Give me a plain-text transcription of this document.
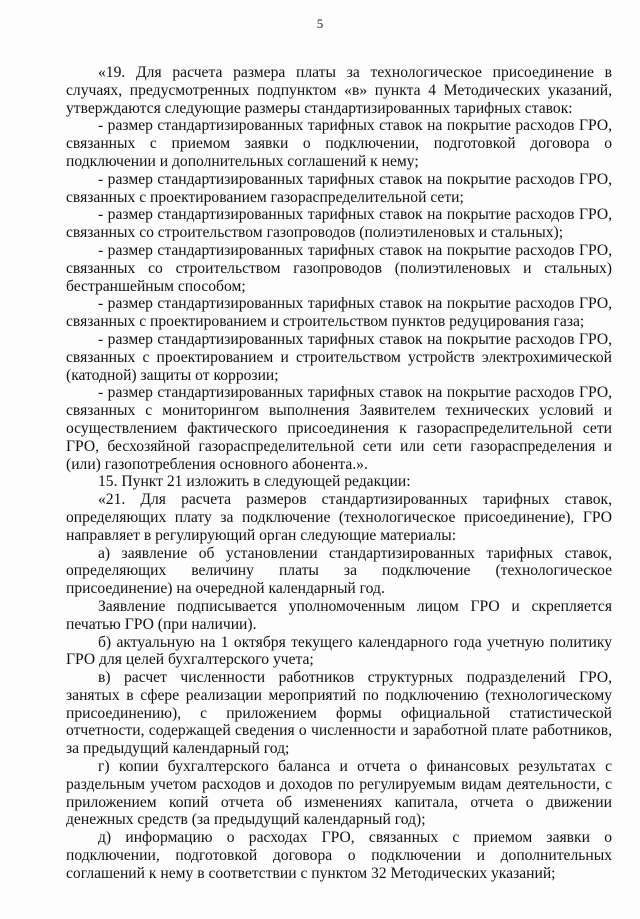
5

«19. Для расчета размера платы за технологическое присоединение в случаях, предусмотренных подпунктом «в» пункта 4 Методических указаний, утверждаются следующие размеры стандартизированных тарифных ставок:

- размер стандартизированных тарифных ставок на покрытие расходов ГРО, связанных с приемом заявки о подключении, подготовкой договора о подключении и дополнительных соглашений к нему;

- размер стандартизированных тарифных ставок на покрытие расходов ГРО, связанных с проектированием газораспределительной сети;

- размер стандартизированных тарифных ставок на покрытие расходов ГРО, связанных со строительством газопроводов (полиэтиленовых и стальных);

- размер стандартизированных тарифных ставок на покрытие расходов ГРО, связанных со строительством газопроводов (полиэтиленовых и стальных) бестраншейным способом;

- размер стандартизированных тарифных ставок на покрытие расходов ГРО, связанных с проектированием и строительством пунктов редуцирования газа;

- размер стандартизированных тарифных ставок на покрытие расходов ГРО, связанных с проектированием и строительством устройств электрохимической (катодной) защиты от коррозии;

- размер стандартизированных тарифных ставок на покрытие расходов ГРО, связанных с мониторингом выполнения Заявителем технических условий и осуществлением фактического присоединения к газораспределительной сети ГРО, бесхозяйной газораспределительной сети или сети газораспределения и (или) газопотребления основного абонента.».

15. Пункт 21 изложить в следующей редакции:

«21. Для расчета размеров стандартизированных тарифных ставок, определяющих плату за подключение (технологическое присоединение), ГРО направляет в регулирующий орган следующие материалы:

а) заявление об установлении стандартизированных тарифных ставок, определяющих величину платы за подключение (технологическое присоединение) на очередной календарный год.

Заявление подписывается уполномоченным лицом ГРО и скрепляется печатью ГРО (при наличии).

б) актуальную на 1 октября текущего календарного года учетную политику ГРО для целей бухгалтерского учета;

в) расчет численности работников структурных подразделений ГРО, занятых в сфере реализации мероприятий по подключению (технологическому присоединению), с приложением формы официальной статистической отчетности, содержащей сведения о численности и заработной плате работников, за предыдущий календарный год;

г) копии бухгалтерского баланса и отчета о финансовых результатах с раздельным учетом расходов и доходов по регулируемым видам деятельности, с приложением копий отчета об изменениях капитала, отчета о движении денежных средств (за предыдущий календарный год);

д) информацию о расходах ГРО, связанных с приемом заявки о подключении, подготовкой договора о подключении и дополнительных соглашений к нему в соответствии с пунктом 32 Методических указаний;
